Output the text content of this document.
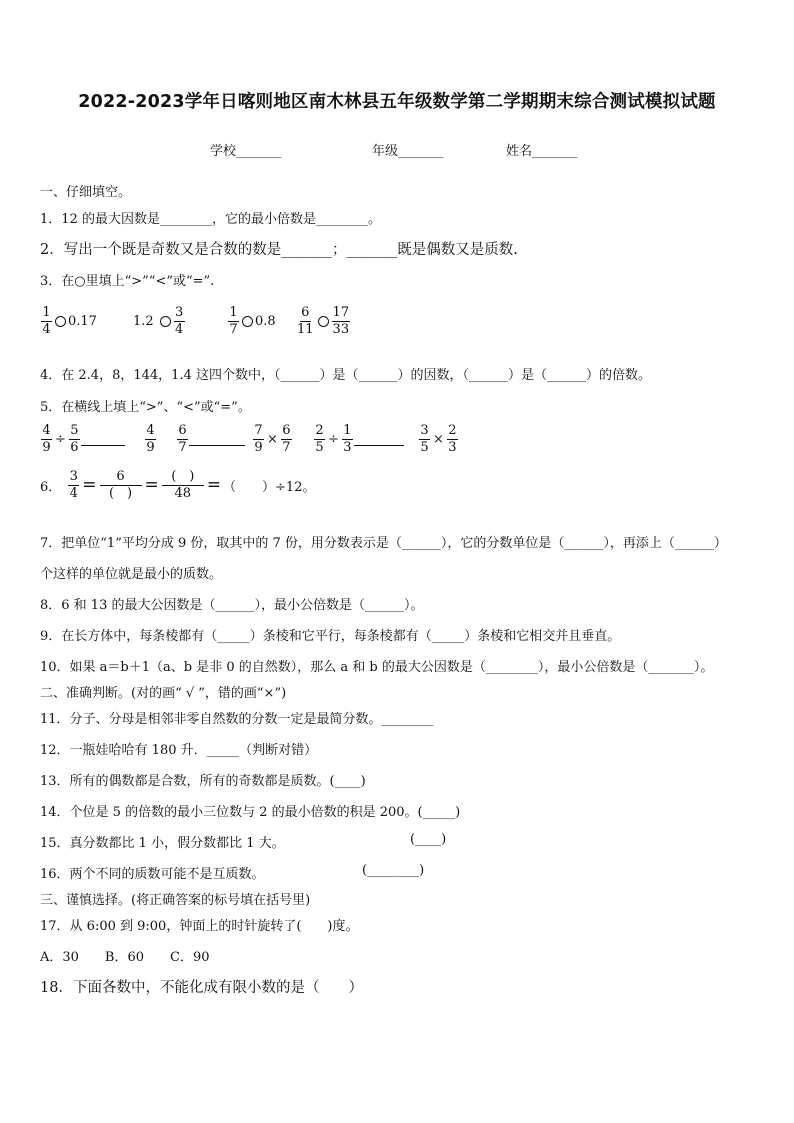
2022-2023学年日喀则地区南木林县五年级数学第二学期期末综合测试模拟试题
学校_______	年级_______	姓名_______
一、仔细填空。
1．12 的最大因数是________，它的最小倍数是________。
2．写出一个既是奇数又是合数的数是_______；_______既是偶数又是质数.
3．在○里填上“>”“<”或“=”.
$\frac{1}{4} 0.17$	$1.2 \frac{3}{4}$	$\frac{1}{7} 0.8 \frac{6}{11} \frac{17}{33}$
4．在 2.4，8，144，1.4 这四个数中，（______）是（______）的因数，（______）是（______）的倍数。
5．在横线上填上“>”、“<”或“=”。
$\frac{4}{9} \div \frac{5}{6}$	$\frac{4}{9} \frac{6}{7}$	$\frac{7}{9} \times \frac{6}{7} \frac{2}{5} \div \frac{1}{3}$	$\frac{3}{5} \times \frac{2}{3}$
6． $\frac{3}{4} = \frac{6}{( )} = \frac{( )}{48}$ = （　　）÷12。
7．把单位“1”平均分成 9 份，取其中的 7 份，用分数表示是（______），它的分数单位是（______），再添上（______）
个这样的单位就是最小的质数。
8．6 和 13 的最大公因数是（______），最小公倍数是（______）。
9．在长方体中，每条棱都有（_____）条棱和它平行，每条棱都有（_____）条棱和它相交并且垂直。
10．如果 a＝b＋1（a、b 是非 0 的自然数），那么 a 和 b 的最大公因数是（________），最小公倍数是（_______）。
二、准确判断。(对的画“ √ ”，错的画“×”)
11．分子、分母是相邻非零自然数的分数一定是最简分数。________
12．一瓶娃哈哈有 180 升．_____（判断对错）
13．所有的偶数都是合数，所有的奇数都是质数。(____)
14．个位是 5 的倍数的最小三位数与 2 的最小倍数的积是 200。(_____)
15．真分数都比 1 小，假分数都比 1 大。	(____)
16．两个不同的质数可能不是互质数。	(________)
三、谨慎选择。(将正确答案的标号填在括号里)
17．从 6:00 到 9:00，钟面上的时针旋转了(　　)度。
A．30　　B．60　　C．90
18．下面各数中，不能化成有限小数的是（　　）
